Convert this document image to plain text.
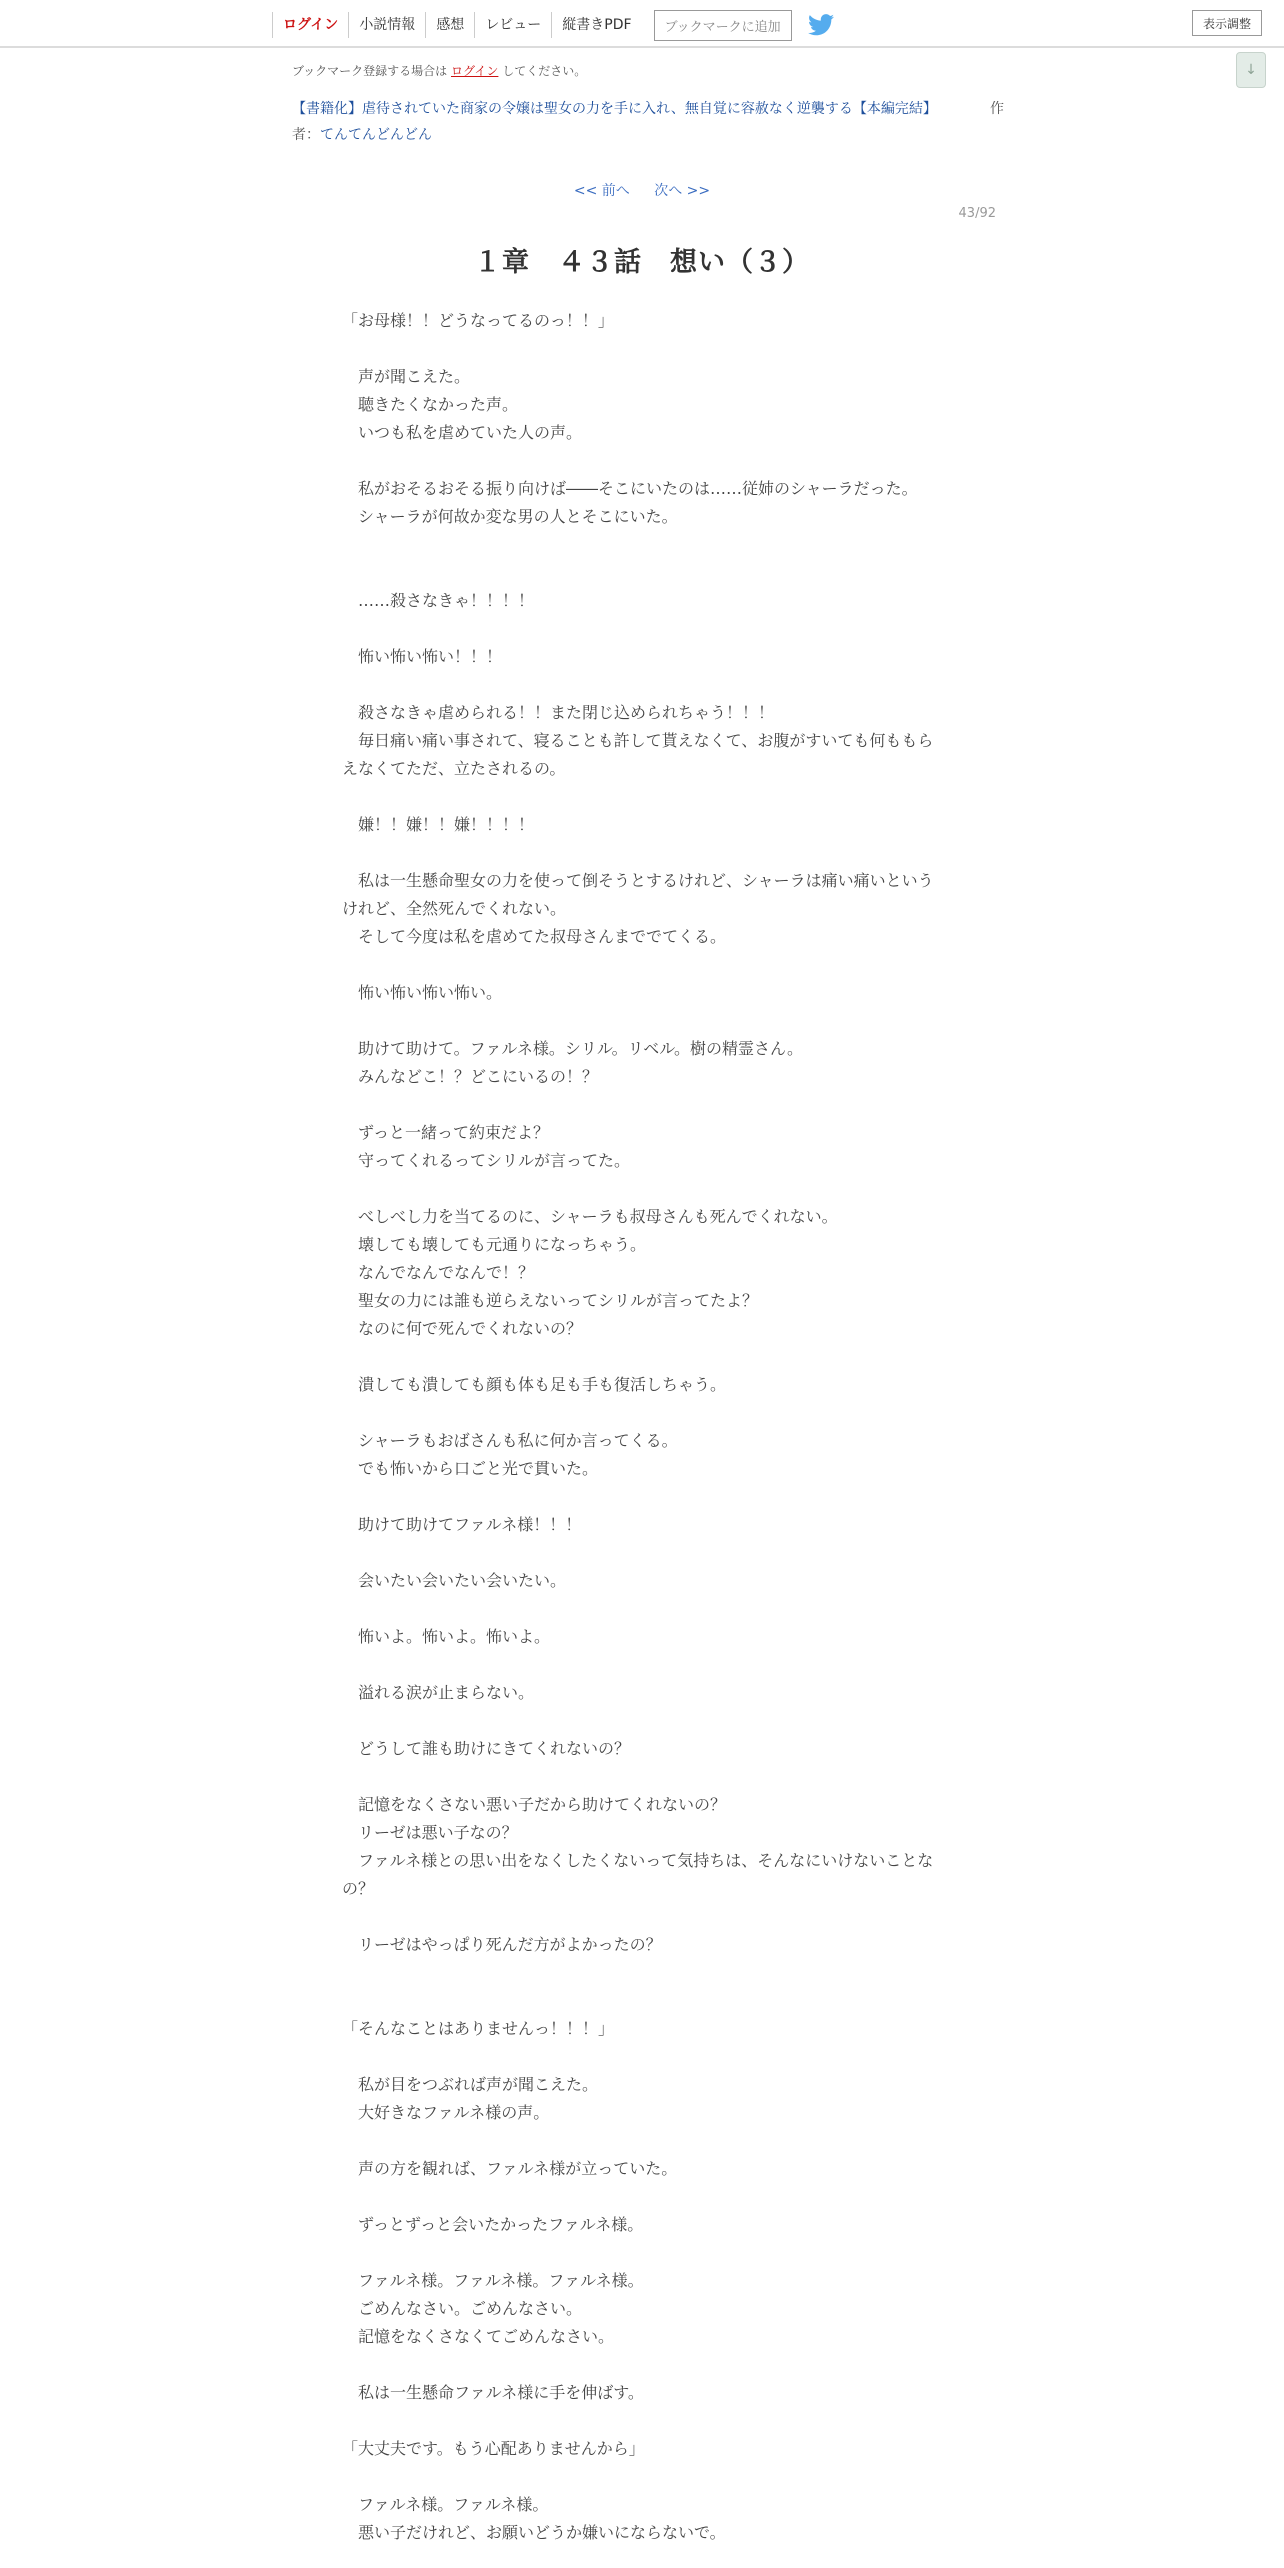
ログイン	小説情報	感想	レビュー	縦書きPDF	ブックマークに追加	表示調整
↓
ブックマーク登録する場合は ログイン してください。
作
【書籍化】虐待されていた商家の令嬢は聖女の力を手に入れ、無自覚に容赦なく逆襲する【本編完結】
者：てんてんどんどん
<< 前へ 次へ >>
43/92
１章　４３話　想い（３）
「お母様！！どうなってるのっ！！」
　声が聞こえた。
　聴きたくなかった声。
　いつも私を虐めていた人の声。
　私がおそるおそる振り向けば――そこにいたのは……従姉のシャーラだった。
　シャーラが何故か変な男の人とそこにいた。
　……殺さなきゃ！！！！
　怖い怖い怖い！！！
　殺さなきゃ虐められる！！また閉じ込められちゃう！！！
　毎日痛い痛い事されて、寝ることも許して貰えなくて、お腹がすいても何ももらえなくてただ、立たされるの。
　嫌！！嫌！！嫌！！！！
　私は一生懸命聖女の力を使って倒そうとするけれど、シャーラは痛い痛いというけれど、全然死んでくれない。
　そして今度は私を虐めてた叔母さんまででてくる。
　怖い怖い怖い怖い。
　助けて助けて。ファルネ様。シリル。リベル。樹の精霊さん。
　みんなどこ！？どこにいるの！？
　ずっと一緒って約束だよ？
　守ってくれるってシリルが言ってた。
　べしべし力を当てるのに、シャーラも叔母さんも死んでくれない。
　壊しても壊しても元通りになっちゃう。
　なんでなんでなんで！？
　聖女の力には誰も逆らえないってシリルが言ってたよ？
　なのに何で死んでくれないの？
　潰しても潰しても顔も体も足も手も復活しちゃう。
　シャーラもおばさんも私に何か言ってくる。
　でも怖いから口ごと光で貫いた。
　助けて助けてファルネ様！！！
　会いたい会いたい会いたい。
　怖いよ。怖いよ。怖いよ。
　溢れる涙が止まらない。
　どうして誰も助けにきてくれないの？
　記憶をなくさない悪い子だから助けてくれないの？
　リーゼは悪い子なの？
　ファルネ様との思い出をなくしたくないって気持ちは、そんなにいけないことなの？
　リーゼはやっぱり死んだ方がよかったの？
「そんなことはありませんっ！！！」
　私が目をつぶれば声が聞こえた。
　大好きなファルネ様の声。
　声の方を観れば、ファルネ様が立っていた。
　ずっとずっと会いたかったファルネ様。
　ファルネ様。ファルネ様。ファルネ様。
　ごめんなさい。ごめんなさい。
　記憶をなくさなくてごめんなさい。
　私は一生懸命ファルネ様に手を伸ばす。
「大丈夫です。もう心配ありませんから」
　ファルネ様。ファルネ様。
　悪い子だけれど、お願いどうか嫌いにならないで。
